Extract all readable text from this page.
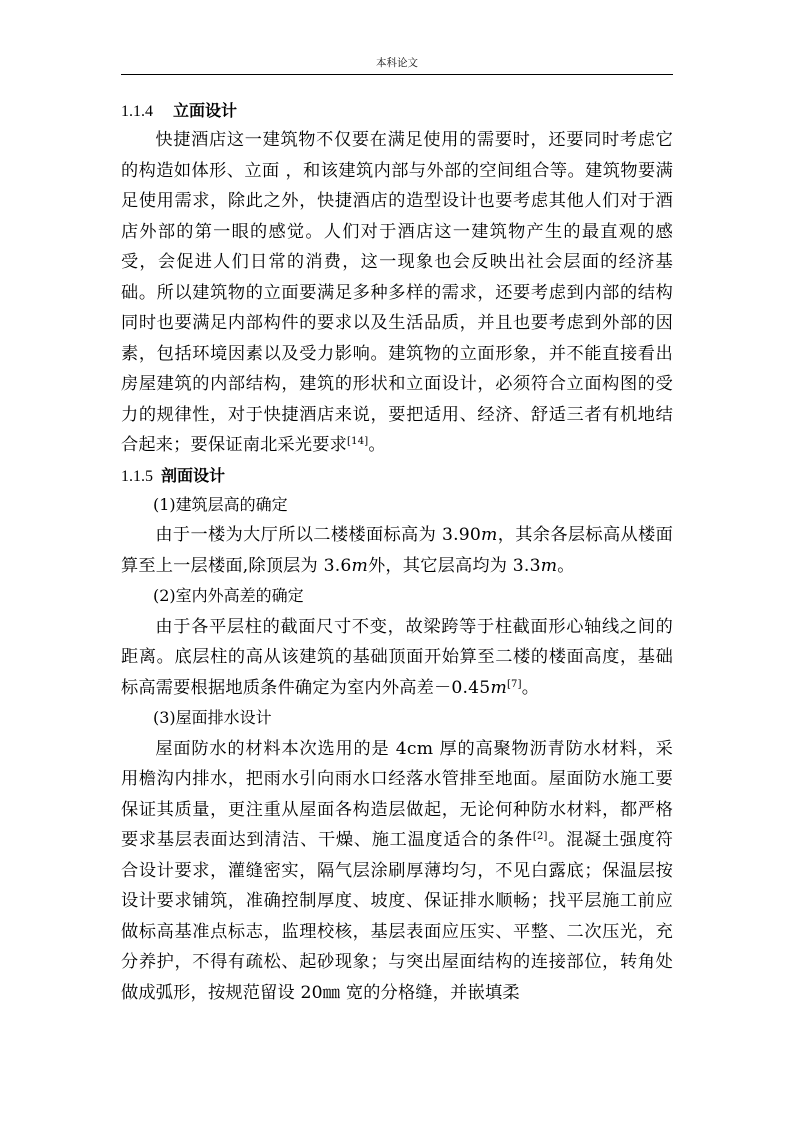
本科论文
1.1.4 立面设计

快捷酒店这一建筑物不仅要在满足使用的需要时，还要同时考虑它的构造如体形、立面 ，和该建筑内部与外部的空间组合等。建筑物要满足使用需求，除此之外，快捷酒店的造型设计也要考虑其他人们对于酒店外部的第一眼的感觉。人们对于酒店这一建筑物产生的最直观的感受，会促进人们日常的消费，这一现象也会反映出社会层面的经济基础。所以建筑物的立面要满足多种多样的需求，还要考虑到内部的结构同时也要满足内部构件的要求以及生活品质，并且也要考虑到外部的因素，包括环境因素以及受力影响。建筑物的立面形象，并不能直接看出房屋建筑的内部结构，建筑的形状和立面设计，必须符合立面构图的受力的规律性，对于快捷酒店来说，要把适用、经济、舒适三者有机地结合起来；要保证南北采光要求[14]。

1.1.5 剖面设计
(1)建筑层高的确定

由于一楼为大厅所以二楼楼面标高为 3.90m，其余各层标高从楼面算至上一层楼面,除顶层为 3.6m外，其它层高均为 3.3m。

(2)室内外高差的确定

由于各平层柱的截面尺寸不变，故梁跨等于柱截面形心轴线之间的距离。底层柱的高从该建筑的基础顶面开始算至二楼的楼面高度，基础标高需要根据地质条件确定为室内外高差－0.45m[7]。

(3)屋面排水设计

屋面防水的材料本次选用的是 4cm 厚的高聚物沥青防水材料，采用檐沟内排水，把雨水引向雨水口经落水管排至地面。屋面防水施工要保证其质量，更注重从屋面各构造层做起，无论何种防水材料，都严格要求基层表面达到清洁、干燥、施工温度适合的条件[2]。混凝土强度符合设计要求，灌缝密实，隔气层涂刷厚薄均匀，不见白露底；保温层按设计要求铺筑，准确控制厚度、坡度、保证排水顺畅；找平层施工前应做标高基准点标志，监理校核，基层表面应压实、平整、二次压光，充分养护，不得有疏松、起砂现象；与突出屋面结构的连接部位，转角处做成弧形，按规范留设 20㎜ 宽的分格缝，并嵌填柔
